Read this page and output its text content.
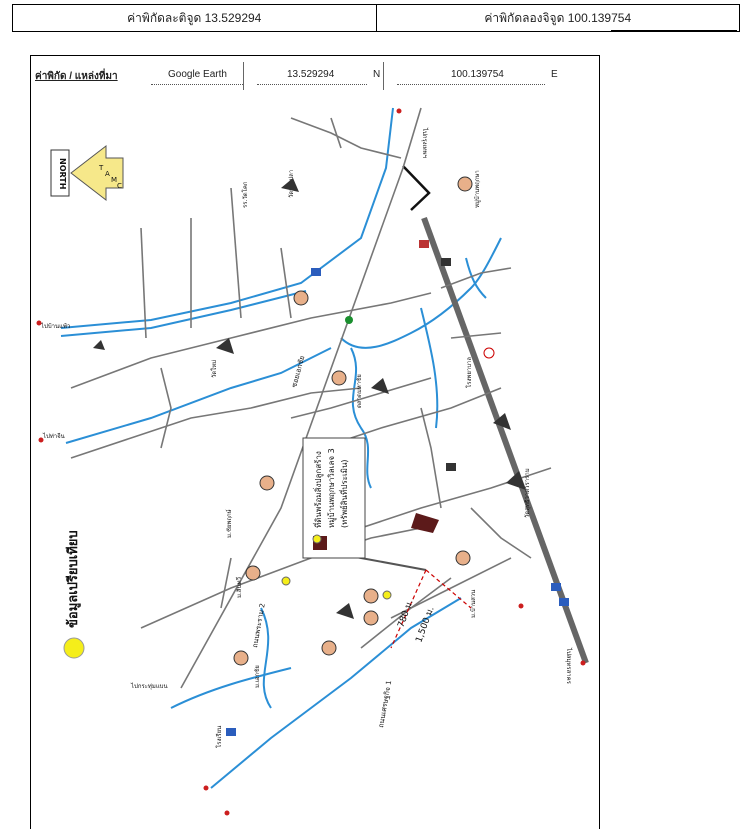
ค่าพิกัดละติจูด 13.529294	ค่าพิกัดลองจิจูด 100.139754
ค่าพิกัด / แหล่งที่มา	Google Earth	13.529294	N	100.139754	E
780 ม.
1,500 ม.
NORTH	T
A
M
C
ข้อมูลเปรียบเทียบ
ที่ดินพร้อมสิ่งปลูกสร้าง หมู่บ้านพฤกษาวิลเลจ 3 (ทรัพย์สินที่ประเมิน)
ถนนพระราม 2
ถนนเศรษฐกิจ 1
ซอยเอกชัย
รร.วัดโคก	หมู่บ้านพฤกษา
วัดสุทธิวาตวราราม
ตลาดมหาชัย
โรงพยาบาล
ไปกรุงเทพฯ
ไปสมุทรสาคร
ไปบ้านแพ้ว
ไปท่าจีน
ไปกระทุ่มแบน
ม.บ้านสวน
ม.ชัยพฤกษ์
ม.สินทวี
ม.เอกชัย
วัดใหม่
โรงเรียน
